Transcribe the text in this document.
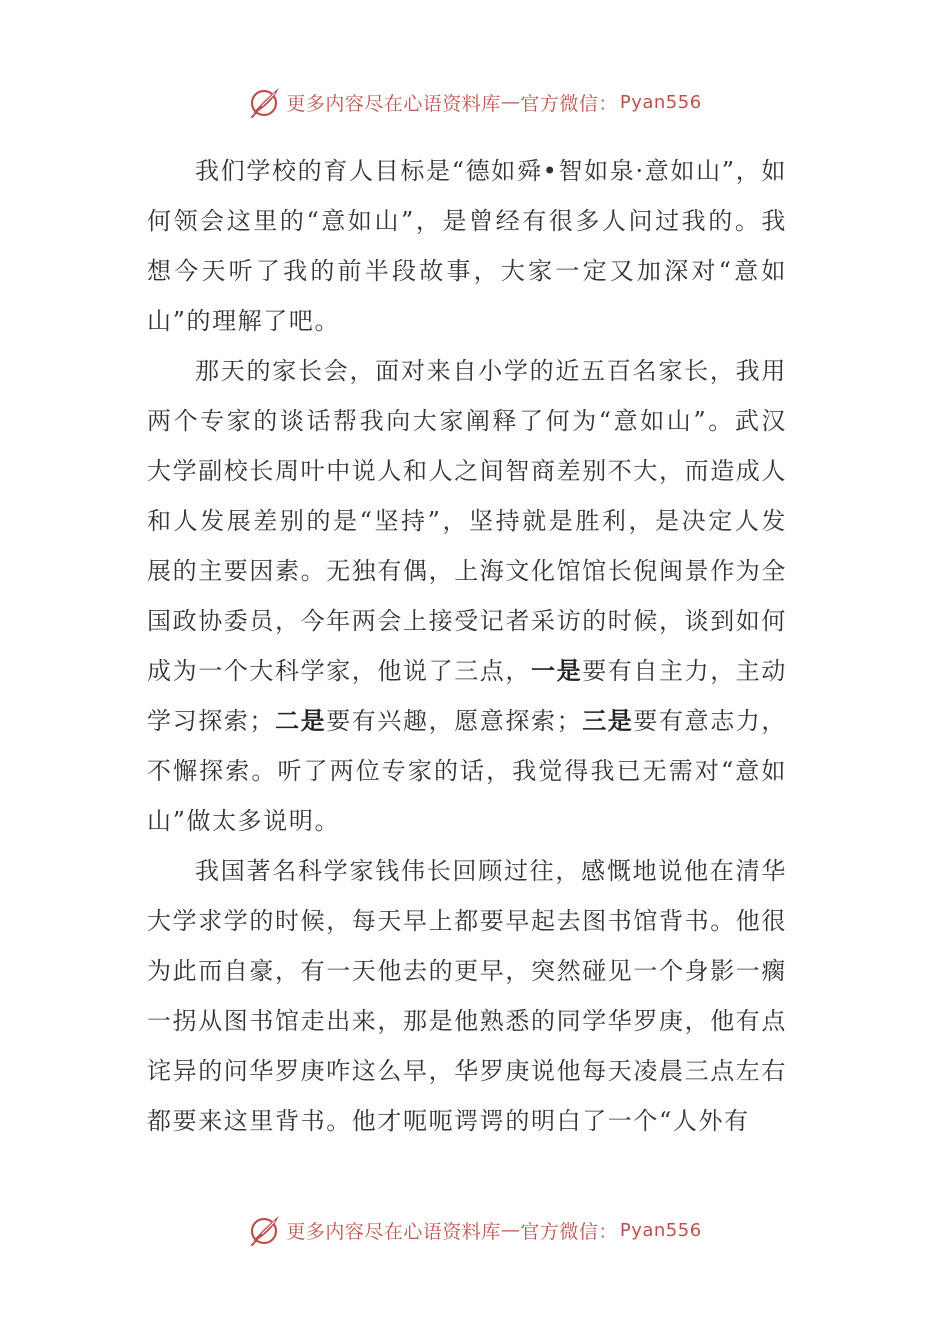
更多内容尽在心语资料库 — 官方微信： Pyan556

我们学校的育人目标是“德如舜•智如泉·意如山”，如何领会这里的“意如山”，是曾经有很多人问过我的。我想今天听了我的前半段故事，大家一定又加深对“意如山”的理解了吧。

那天的家长会，面对来自小学的近五百名家长，我用两个专家的谈话帮我向大家阐释了何为“意如山”。武汉大学副校长周叶中说人和人之间智商差别不大，而造成人和人发展差别的是“坚持”，坚持就是胜利，是决定人发展的主要因素。无独有偶，上海文化馆馆长倪闽景作为全国政协委员，今年两会上接受记者采访的时候，谈到如何成为一个大科学家，他说了三点，一是要有自主力，主动学习探索；二是要有兴趣，愿意探索；三是要有意志力，不懈探索。听了两位专家的话，我觉得我已无需对“意如山”做太多说明。

我国著名科学家钱伟长回顾过往，感慨地说他在清华大学求学的时候，每天早上都要早起去图书馆背书。他很为此而自豪，有一天他去的更早，突然碰见一个身影一瘸一拐从图书馆走出来，那是他熟悉的同学华罗庚，他有点诧异的问华罗庚咋这么早，华罗庚说他每天凌晨三点左右都要来这里背书。他才呃呃谔谔的明白了一个“人外有

更多内容尽在心语资料库 — 官方微信： Pyan556
